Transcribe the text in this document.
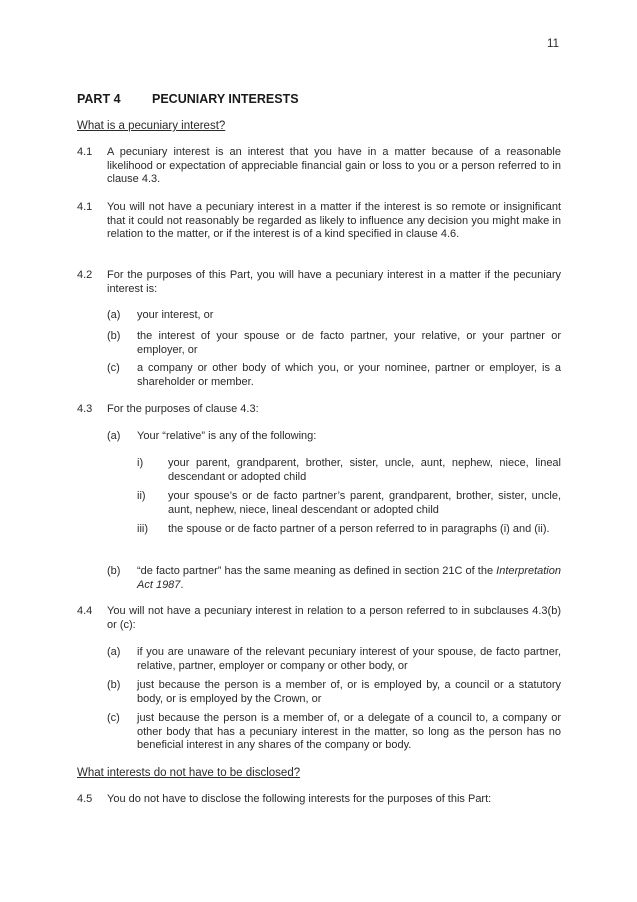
11
PART 4	PECUNIARY INTERESTS
What is a pecuniary interest?
4.1 A pecuniary interest is an interest that you have in a matter because of a reasonable likelihood or expectation of appreciable financial gain or loss to you or a person referred to in clause 4.3.
4.1 You will not have a pecuniary interest in a matter if the interest is so remote or insignificant that it could not reasonably be regarded as likely to influence any decision you might make in relation to the matter, or if the interest is of a kind specified in clause 4.6.
4.2 For the purposes of this Part, you will have a pecuniary interest in a matter if the pecuniary interest is:
(a) your interest, or
(b) the interest of your spouse or de facto partner, your relative, or your partner or employer, or
(c) a company or other body of which you, or your nominee, partner or employer, is a shareholder or member.
4.3 For the purposes of clause 4.3:
(a) Your “relative” is any of the following:
i) your parent, grandparent, brother, sister, uncle, aunt, nephew, niece, lineal descendant or adopted child
ii) your spouse’s or de facto partner’s parent, grandparent, brother, sister, uncle, aunt, nephew, niece, lineal descendant or adopted child
iii) the spouse or de facto partner of a person referred to in paragraphs (i) and (ii).
(b) “de facto partner” has the same meaning as defined in section 21C of the Interpretation Act 1987.
4.4 You will not have a pecuniary interest in relation to a person referred to in subclauses 4.3(b) or (c):
(a) if you are unaware of the relevant pecuniary interest of your spouse, de facto partner, relative, partner, employer or company or other body, or
(b) just because the person is a member of, or is employed by, a council or a statutory body, or is employed by the Crown, or
(c) just because the person is a member of, or a delegate of a council to, a company or other body that has a pecuniary interest in the matter, so long as the person has no beneficial interest in any shares of the company or body.
What interests do not have to be disclosed?
4.5 You do not have to disclose the following interests for the purposes of this Part:
